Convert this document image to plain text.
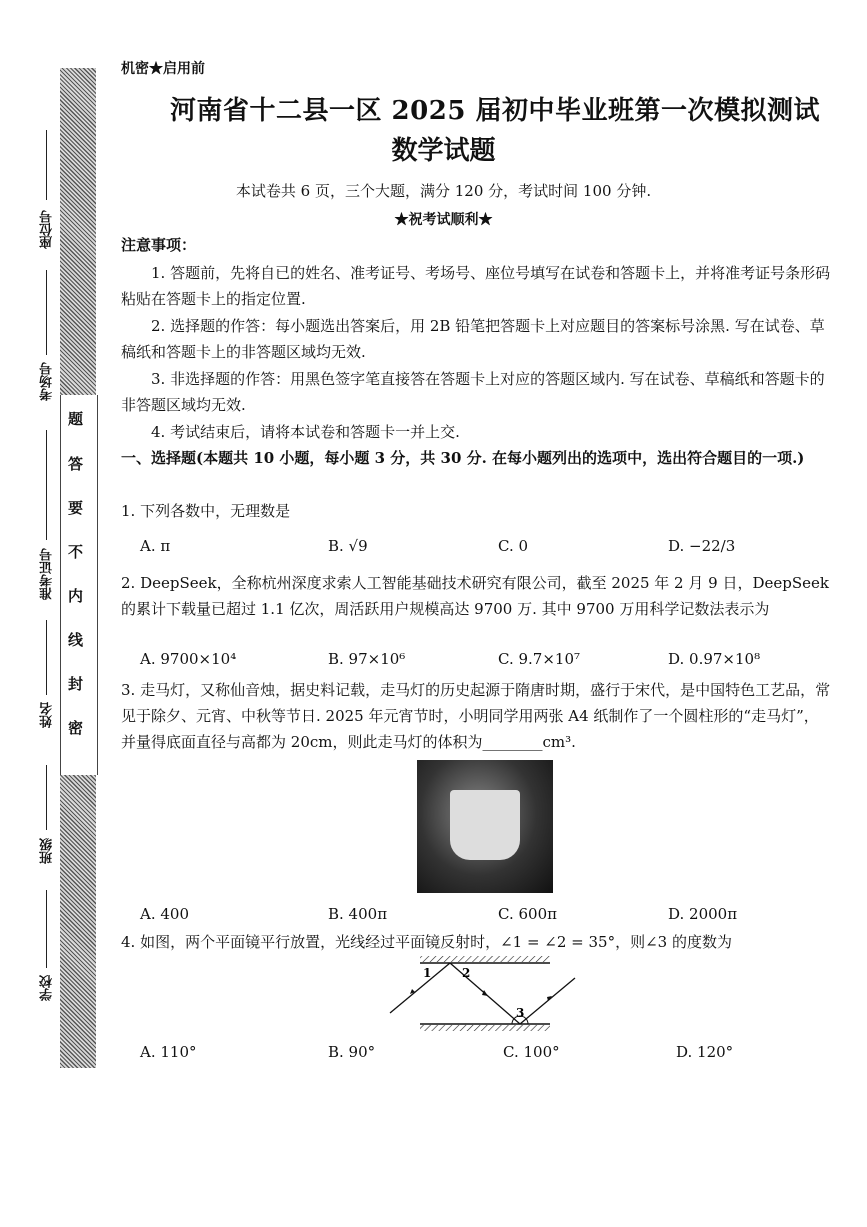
题
答
要
不
内
线
封
密
座位号
考场号
准考证号
姓名
班级
学校
机密★启用前
河南省十二县一区 2025 届初中毕业班第一次模拟测试
数学试题
本试卷共 6 页，三个大题，满分 120 分，考试时间 100 分钟.
★祝考试顺利★
注意事项：
1. 答题前，先将自已的姓名、准考证号、考场号、座位号填写在试卷和答题卡上，并将准考证号条形码粘贴在答题卡上的指定位置.
2. 选择题的作答：每小题选出答案后，用 2B 铅笔把答题卡上对应题目的答案标号涂黑. 写在试卷、草稿纸和答题卡上的非答题区域均无效.
3. 非选择题的作答：用黑色签字笔直接答在答题卡上对应的答题区域内. 写在试卷、草稿纸和答题卡的非答题区域均无效.
4. 考试结束后，请将本试卷和答题卡一并上交.
一、选择题(本题共 10 小题，每小题 3 分，共 30 分. 在每小题列出的选项中，选出符合题目的一项.)
1. 下列各数中，无理数是
A. π	B. √9	C. 0	D. −22/3
2. DeepSeek，全称杭州深度求索人工智能基础技术研究有限公司，截至 2025 年 2 月 9 日，DeepSeek 的累计下载量已超过 1.1 亿次，周活跃用户规模高达 9700 万. 其中 9700 万用科学记数法表示为
A. 9700×10⁴	B. 97×10⁶	C. 9.7×10⁷	D. 0.97×10⁸
3. 走马灯，又称仙音烛，据史料记载，走马灯的历史起源于隋唐时期，盛行于宋代，是中国特色工艺品，常见于除夕、元宵、中秋等节日. 2025 年元宵节时，小明同学用两张 A4 纸制作了一个圆柱形的“走马灯”，并量得底面直径与高都为 20cm，则此走马灯的体积为________cm³.
A. 400	B. 400π	C. 600π	D. 2000π
4. 如图，两个平面镜平行放置，光线经过平面镜反射时，∠1 = ∠2 = 35°，则∠3 的度数为
1	2
3
A. 110°	B. 90°	C. 100°	D. 120°
